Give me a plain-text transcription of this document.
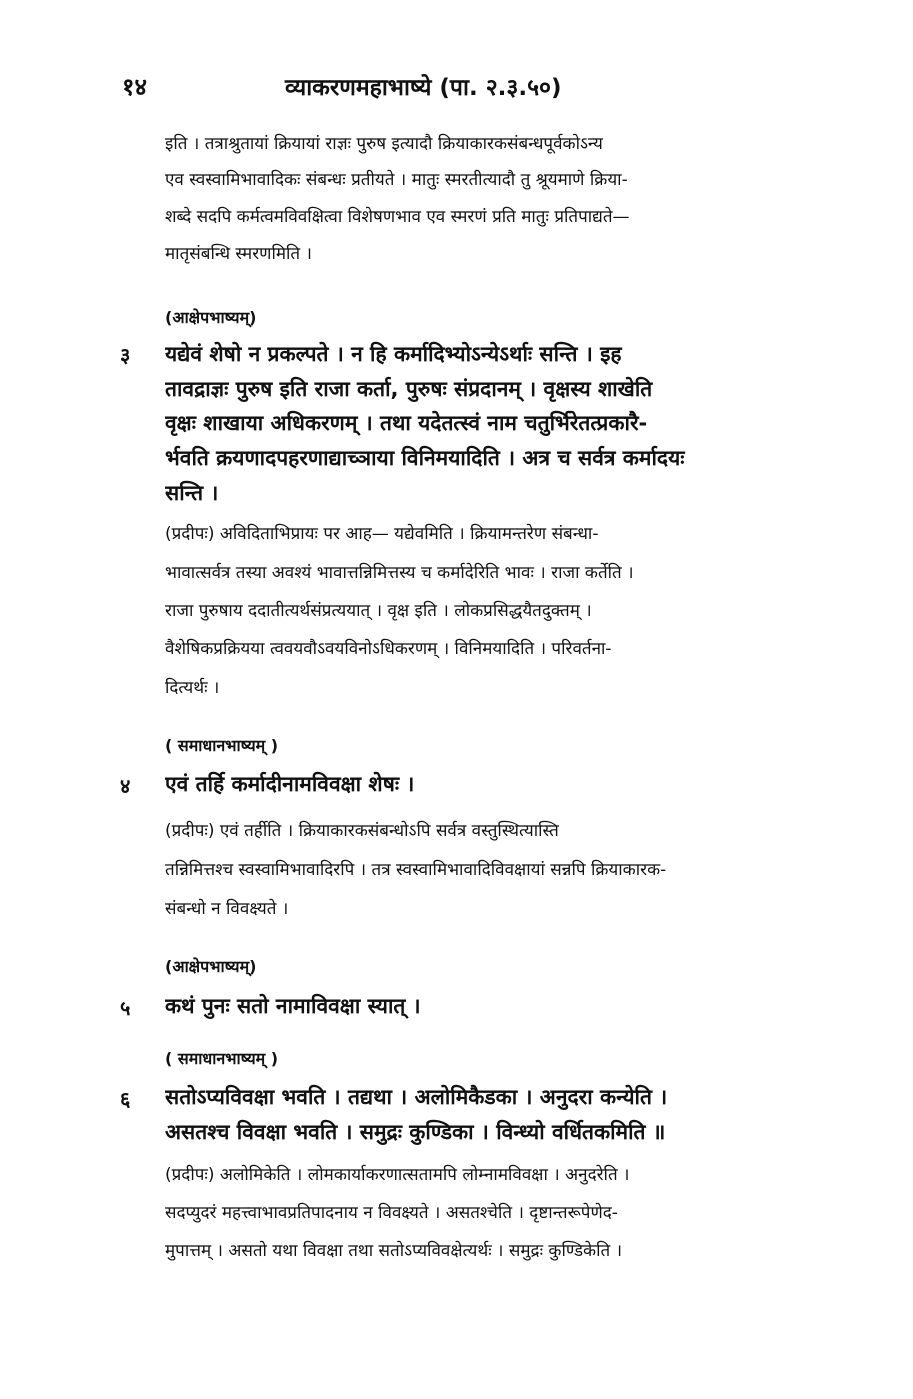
१४	व्याकरणमहाभाष्ये (पा. २.३.५०)
इति । तत्राश्रुतायां क्रियायां राज्ञः पुरुष इत्यादौ क्रियाकारकसंबन्धपूर्वकोऽन्य
एव स्वस्वामिभावादिकः संबन्धः प्रतीयते । मातुः स्मरतीत्यादौ तु श्रूयमाणे क्रिया-
शब्दे सदपि कर्मत्वमविवक्षित्वा विशेषणभाव एव स्मरणं प्रति मातुः प्रतिपाद्यते—
मातृसंबन्धि स्मरणमिति ।
(आक्षेपभाष्यम्)
३ यद्येवं शेषो न प्रकल्पते । न हि कर्मादिभ्योऽन्येऽर्थाः सन्ति । इह
तावद्राज्ञः पुरुष इति राजा कर्ता, पुरुषः संप्रदानम् । वृक्षस्य शाखेति
वृक्षः शाखाया अधिकरणम् । तथा यदेतत्स्वं नाम चतुर्भिरेतत्प्रकारै-
र्भवति क्रयणादपहरणाद्याच्ञाया विनिमयादिति । अत्र च सर्वत्र कर्मादयः
सन्ति ।
(प्रदीपः) अविदिताभिप्रायः पर आह— यद्येवमिति । क्रियामन्तरेण संबन्धा-
भावात्सर्वत्र तस्या अवश्यं भावात्तन्निमित्तस्य च कर्मादेरिति भावः । राजा कर्तेति ।
राजा पुरुषाय ददातीत्यर्थसंप्रत्ययात् । वृक्ष इति । लोकप्रसिद्धयैतदुक्तम् ।
वैशेषिकप्रक्रियया त्ववयवौऽवयविनोऽधिकरणम् । विनिमयादिति । परिवर्तना-
दित्यर्थः ।
( समाधानभाष्यम् )
४ एवं तर्हि कर्मादीनामविवक्षा शेषः ।
(प्रदीपः) एवं तर्हीति । क्रियाकारकसंबन्धोऽपि सर्वत्र वस्तुस्थित्यास्ति
तन्निमित्तश्च स्वस्वामिभावादिरपि । तत्र स्वस्वामिभावादिविवक्षायां सन्नपि क्रियाकारक-
संबन्धो न विवक्ष्यते ।
(आक्षेपभाष्यम्)
५ कथं पुनः सतो नामाविवक्षा स्यात् ।
( समाधानभाष्यम् )
६ सतोऽप्यविवक्षा भवति । तद्यथा । अलोमिकैडका । अनुदरा कन्येति ।
असतश्च विवक्षा भवति । समुद्रः कुण्डिका । विन्ध्यो वर्धितकमिति ॥
(प्रदीपः) अलोमिकेति । लोमकार्याकरणात्सतामपि लोम्नामविवक्षा । अनुदरेति ।
सदप्युदरं महत्त्वाभावप्रतिपादनाय न विवक्ष्यते । असतश्चेति । दृष्टान्तरूपेणेद-
मुपात्तम् । असतो यथा विवक्षा तथा सतोऽप्यविवक्षेत्यर्थः । समुद्रः कुण्डिकेति ।
